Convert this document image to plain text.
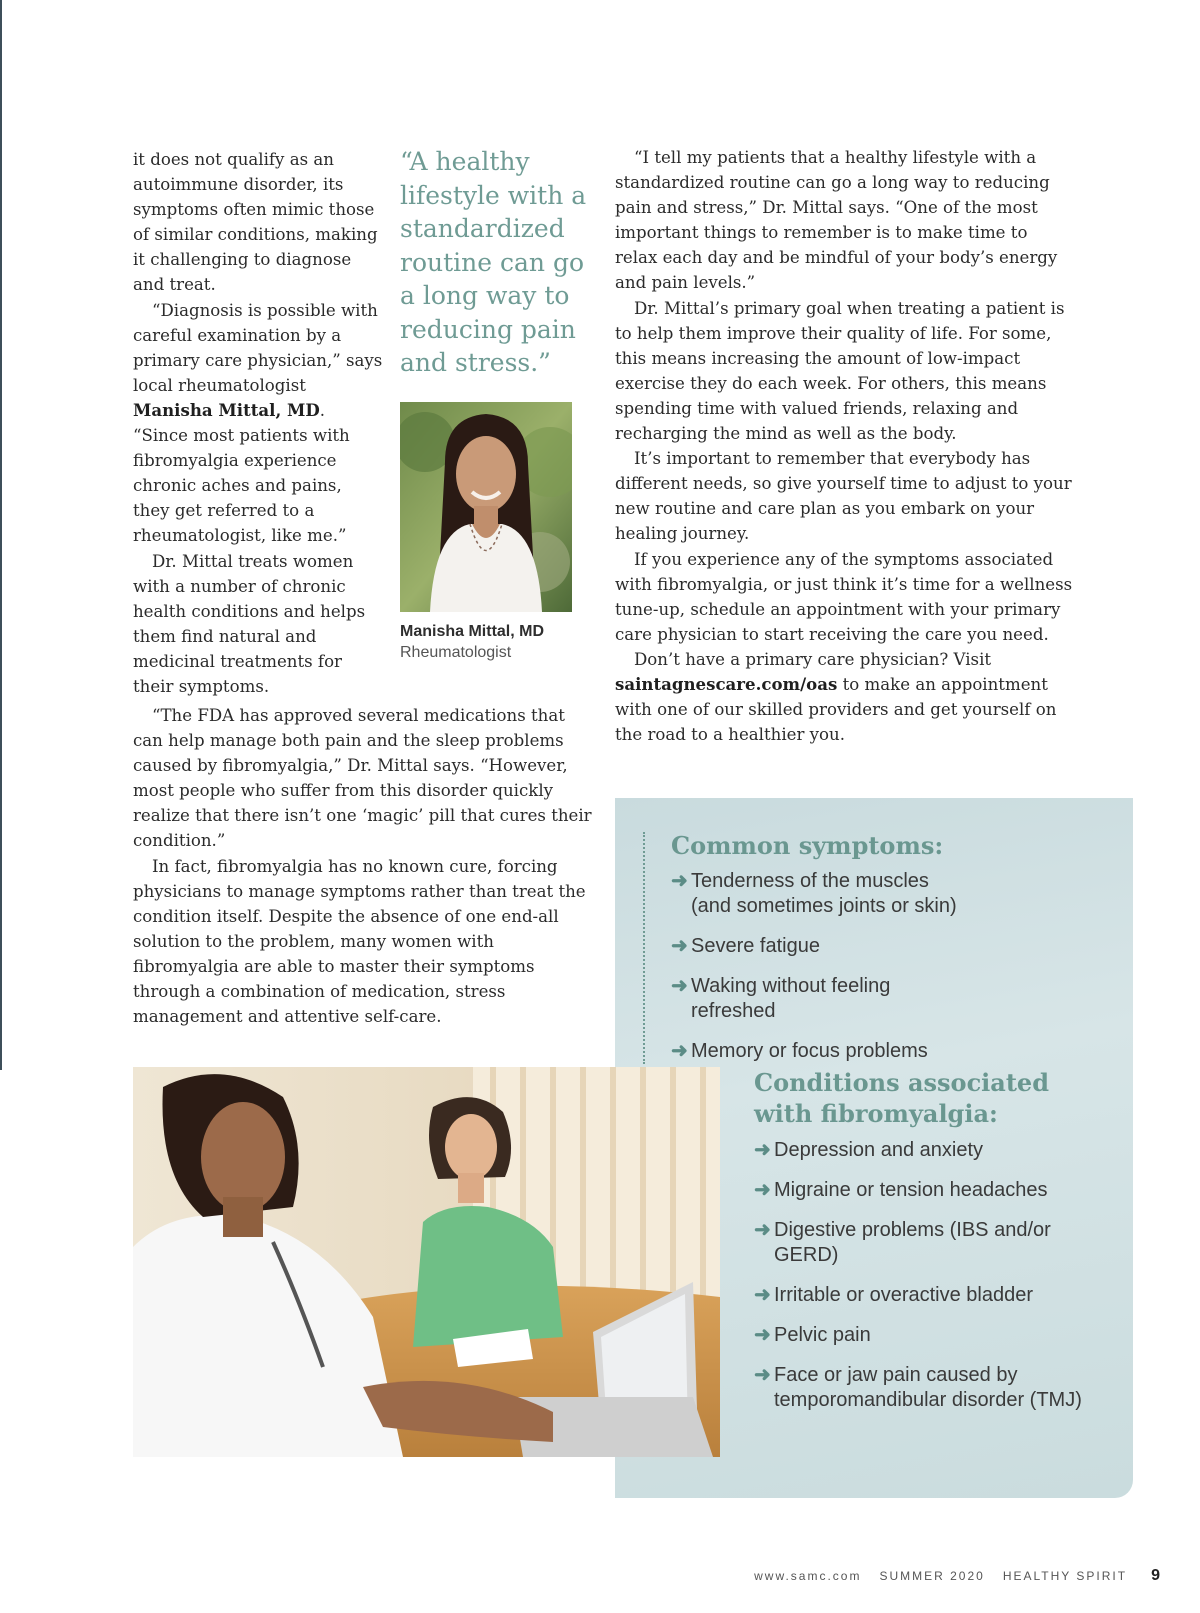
it does not qualify as an autoimmune disorder, its symptoms often mimic those of similar conditions, making it challenging to diagnose and treat.

“Diagnosis is possible with careful examination by a primary care physician,” says local rheumatologist Manisha Mittal, MD. “Since most patients with fibromyalgia experience chronic aches and pains, they get referred to a rheumatologist, like me.”

Dr. Mittal treats women with a number of chronic health conditions and helps them find natural and medicinal treatments for their symptoms.

“A healthy lifestyle with a standardized routine can go a long way to reducing pain and stress.”

Manisha Mittal, MD
Rheumatologist

“The FDA has approved several medications that can help manage both pain and the sleep problems caused by fibromyalgia,” Dr. Mittal says. “However, most people who suffer from this disorder quickly realize that there isn’t one ‘magic’ pill that cures their condition.”

In fact, fibromyalgia has no known cure, forcing physicians to manage symptoms rather than treat the condition itself. Despite the absence of one end-all solution to the problem, many women with fibromyalgia are able to master their symptoms through a combination of medication, stress management and attentive self-care.

“I tell my patients that a healthy lifestyle with a standardized routine can go a long way to reducing pain and stress,” Dr. Mittal says. “One of the most important things to remember is to make time to relax each day and be mindful of your body’s energy and pain levels.”

Dr. Mittal’s primary goal when treating a patient is to help them improve their quality of life. For some, this means increasing the amount of low-impact exercise they do each week. For others, this means spending time with valued friends, relaxing and recharging the mind as well as the body.

It’s important to remember that everybody has different needs, so give yourself time to adjust to your new routine and care plan as you embark on your healing journey.

If you experience any of the symptoms associated with fibromyalgia, or just think it’s time for a wellness tune-up, schedule an appointment with your primary care physician to start receiving the care you need.

Don’t have a primary care physician? Visit saintagnescare.com/oas to make an appointment with one of our skilled providers and get yourself on the road to a healthier you.

Common symptoms:
➜ Tenderness of the muscles (and sometimes joints or skin)
➜ Severe fatigue
➜ Waking without feeling refreshed
➜ Memory or focus problems
Conditions associated with fibromyalgia:
➜ Depression and anxiety
➜ Migraine or tension headaches
➜ Digestive problems (IBS and/or GERD)
➜ Irritable or overactive bladder
➜ Pelvic pain
➜ Face or jaw pain caused by temporomandibular disorder (TMJ)
www.samc.com SUMMER 2020 HEALTHY SPIRIT 9
